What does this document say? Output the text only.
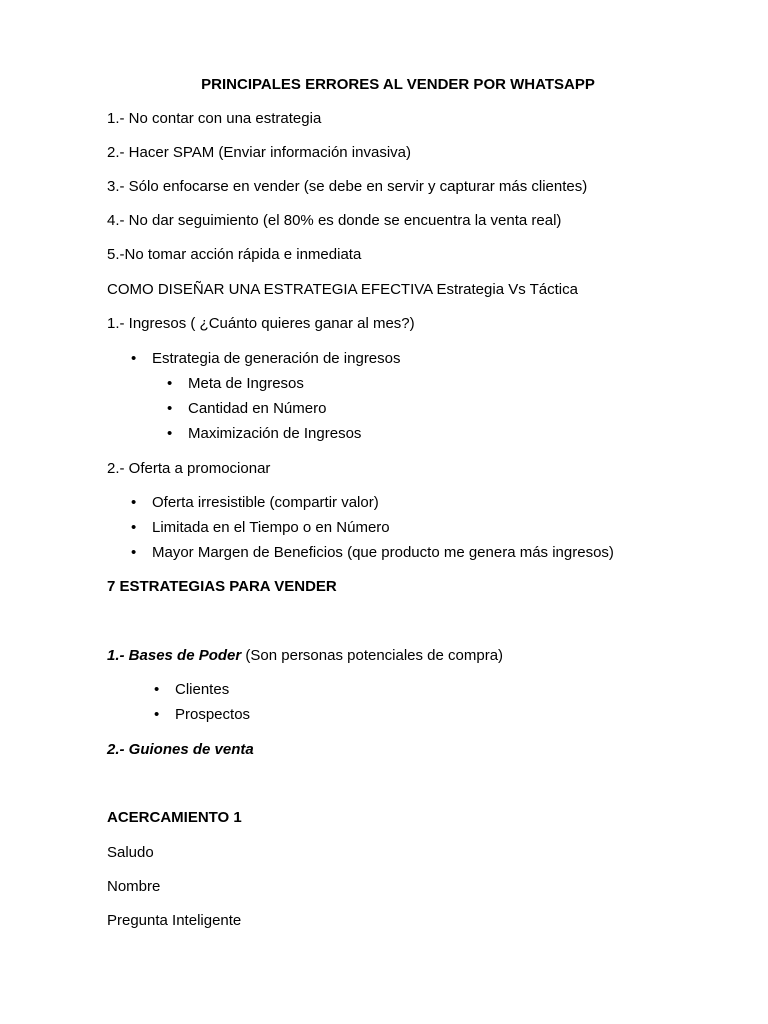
PRINCIPALES ERRORES AL VENDER POR WHATSAPP
1.- No contar con una estrategia
2.- Hacer SPAM (Enviar información invasiva)
3.- Sólo enfocarse en vender (se debe en servir y capturar más clientes)
4.- No dar seguimiento (el 80% es donde se encuentra la venta real)
5.-No tomar acción rápida e inmediata
COMO DISEÑAR UNA ESTRATEGIA EFECTIVA Estrategia Vs Táctica
1.- Ingresos ( ¿Cuánto quieres ganar al mes?)
• Estrategia de generación de ingresos
• Meta de Ingresos
• Cantidad en Número
• Maximización de Ingresos
2.- Oferta a promocionar
• Oferta irresistible (compartir valor)
• Limitada en el Tiempo o en Número
• Mayor Margen de Beneficios (que producto me genera más ingresos)
7 ESTRATEGIAS PARA VENDER
1.- Bases de Poder (Son personas potenciales de compra)
• Clientes
• Prospectos
2.- Guiones de venta
ACERCAMIENTO 1
Saludo
Nombre
Pregunta Inteligente
